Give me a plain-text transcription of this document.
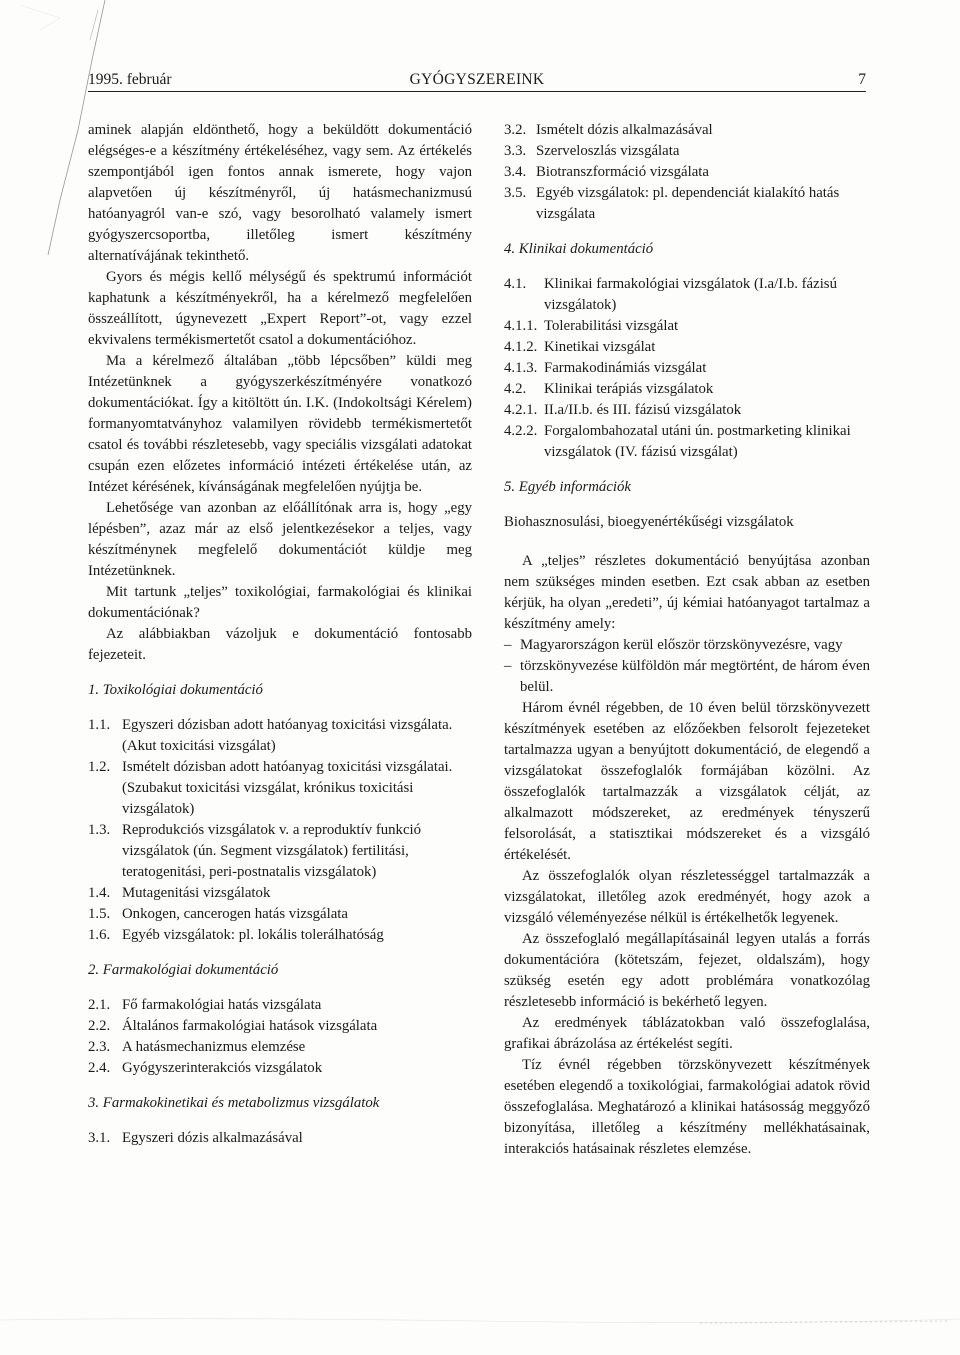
1995. február	GYÓGYSZEREINK	7

aminek alapján eldönthető, hogy a beküldött dokumentáció elégséges-e a készítmény értékeléséhez, vagy sem. Az értékelés szempontjából igen fontos annak ismerete, hogy vajon alapvetően új készítményről, új hatásmechanizmusú hatóanyagról van-e szó, vagy besorolható valamely ismert gyógyszercsoportba, illetőleg ismert készítmény alternatívájának tekinthető.

Gyors és mégis kellő mélységű és spektrumú információt kaphatunk a készítményekről, ha a kérelmező megfelelően összeállított, úgynevezett „Expert Report”-ot, vagy ezzel ekvivalens termékismertetőt csatol a dokumentációhoz.

Ma a kérelmező általában „több lépcsőben” küldi meg Intézetünknek a gyógyszerkészítményére vonatkozó dokumentációkat. Így a kitöltött ún. I.K. (Indokoltsági Kérelem) formanyomtatványhoz valamilyen rövidebb termékismertetőt csatol és további részletesebb, vagy speciális vizsgálati adatokat csupán ezen előzetes információ intézeti értékelése után, az Intézet kérésének, kívánságának megfelelően nyújtja be.

Lehetősége van azonban az előállítónak arra is, hogy „egy lépésben”, azaz már az első jelentkezésekor a teljes, vagy készítménynek megfelelő dokumentációt küldje meg Intézetünknek.

Mit tartunk „teljes” toxikológiai, farmakológiai és klinikai dokumentációnak?

Az alábbiakban vázoljuk e dokumentáció fontosabb fejezeteit.

1. Toxikológiai dokumentáció
1.1. Egyszeri dózisban adott hatóanyag toxicitási vizsgálata. (Akut toxicitási vizsgálat)
1.2. Ismételt dózisban adott hatóanyag toxicitási vizsgálatai. (Szubakut toxicitási vizsgálat, krónikus toxicitási vizsgálatok)
1.3. Reprodukciós vizsgálatok v. a reproduktív funkció vizsgálatok (ún. Segment vizsgálatok) fertilitási, teratogenitási, peri-postnatalis vizsgálatok)
1.4. Mutagenitási vizsgálatok
1.5. Onkogen, cancerogen hatás vizsgálata
1.6. Egyéb vizsgálatok: pl. lokális tolerálhatóság
2. Farmakológiai dokumentáció
2.1. Fő farmakológiai hatás vizsgálata
2.2. Általános farmakológiai hatások vizsgálata
2.3. A hatásmechanizmus elemzése
2.4. Gyógyszerinterakciós vizsgálatok
3. Farmakokinetikai és metabolizmus vizsgálatok
3.1. Egyszeri dózis alkalmazásával
3.2. Ismételt dózis alkalmazásával
3.3. Szerveloszlás vizsgálata
3.4. Biotranszformáció vizsgálata
3.5. Egyéb vizsgálatok: pl. dependenciát kialakító hatás vizsgálata
4. Klinikai dokumentáció
4.1.	Klinikai farmakológiai vizsgálatok (I.a/I.b. fázisú vizsgálatok)
4.1.1. Tolerabilitási vizsgálat
4.1.2. Kinetikai vizsgálat
4.1.3. Farmakodinámiás vizsgálat
4.2.	Klinikai terápiás vizsgálatok
4.2.1. II.a/II.b. és III. fázisú vizsgálatok
4.2.2. Forgalombahozatal utáni ún. postmarketing klinikai vizsgálatok (IV. fázisú vizsgálat)
5. Egyéb információk

Biohasznosulási, bioegyenértékűségi vizsgálatok

A „teljes” részletes dokumentáció benyújtása azonban nem szükséges minden esetben. Ezt csak abban az esetben kérjük, ha olyan „eredeti”, új kémiai hatóanyagot tartalmaz a készítmény amely:

– Magyarországon kerül először törzskönyvezésre, vagy
– törzskönyvezése külföldön már megtörtént, de három éven belül.

Három évnél régebben, de 10 éven belül törzskönyvezett készítmények esetében az előzőekben felsorolt fejezeteket tartalmazza ugyan a benyújtott dokumentáció, de elegendő a vizsgálatokat összefoglalók formájában közölni. Az összefoglalók tartalmazzák a vizsgálatok célját, az alkalmazott módszereket, az eredmények tényszerű felsorolását, a statisztikai módszereket és a vizsgáló értékelését.

Az összefoglalók olyan részletességgel tartalmazzák a vizsgálatokat, illetőleg azok eredményét, hogy azok a vizsgáló véleményezése nélkül is értékelhetők legyenek.

Az összefoglaló megállapításainál legyen utalás a forrás dokumentációra (kötetszám, fejezet, oldalszám), hogy szükség esetén egy adott problémára vonatkozólag részletesebb információ is bekérhető legyen.

Az eredmények táblázatokban való összefoglalása, grafikai ábrázolása az értékelést segíti.

Tíz évnél régebben törzskönyvezett készítmények esetében elegendő a toxikológiai, farmakológiai adatok rövid összefoglalása. Meghatározó a klinikai hatásosság meggyőző bizonyítása, illetőleg a készítmény mellékhatásainak, interakciós hatásainak részletes elemzése.
